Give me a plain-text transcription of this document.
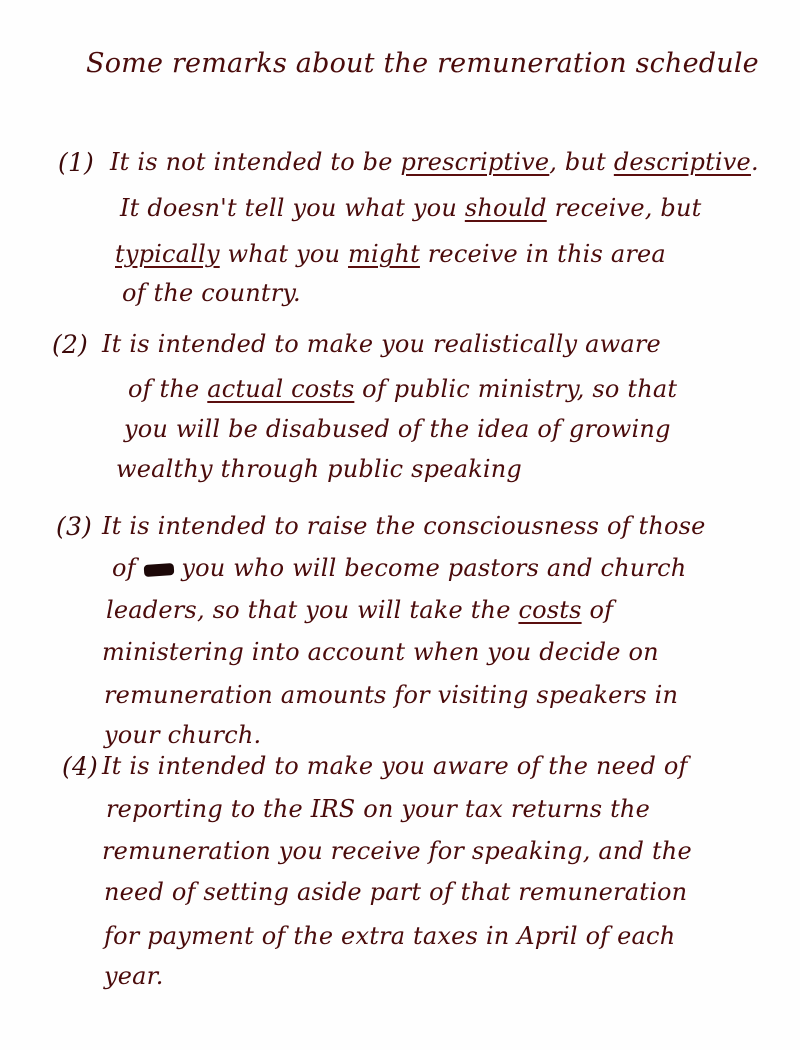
Some remarks about the remuneration schedule

(1) It is not intended to be prescriptive, but descriptive.

It doesn't tell you what you should receive, but

typically what you might receive in this area

of the country.

(2) It is intended to make you realistically aware

of the actual costs of public ministry, so that

you will be disabused of the idea of growing

wealthy through public speaking

(3) It is intended to raise the consciousness of those

of  you who will become pastors and church

leaders, so that you will take the costs of

ministering into account when you decide on

remuneration amounts for visiting speakers in

your church.

(4) It is intended to make you aware of the need of

reporting to the IRS on your tax returns the

remuneration you receive for speaking, and the

need of setting aside part of that remuneration

for payment of the extra taxes in April of each

year.
